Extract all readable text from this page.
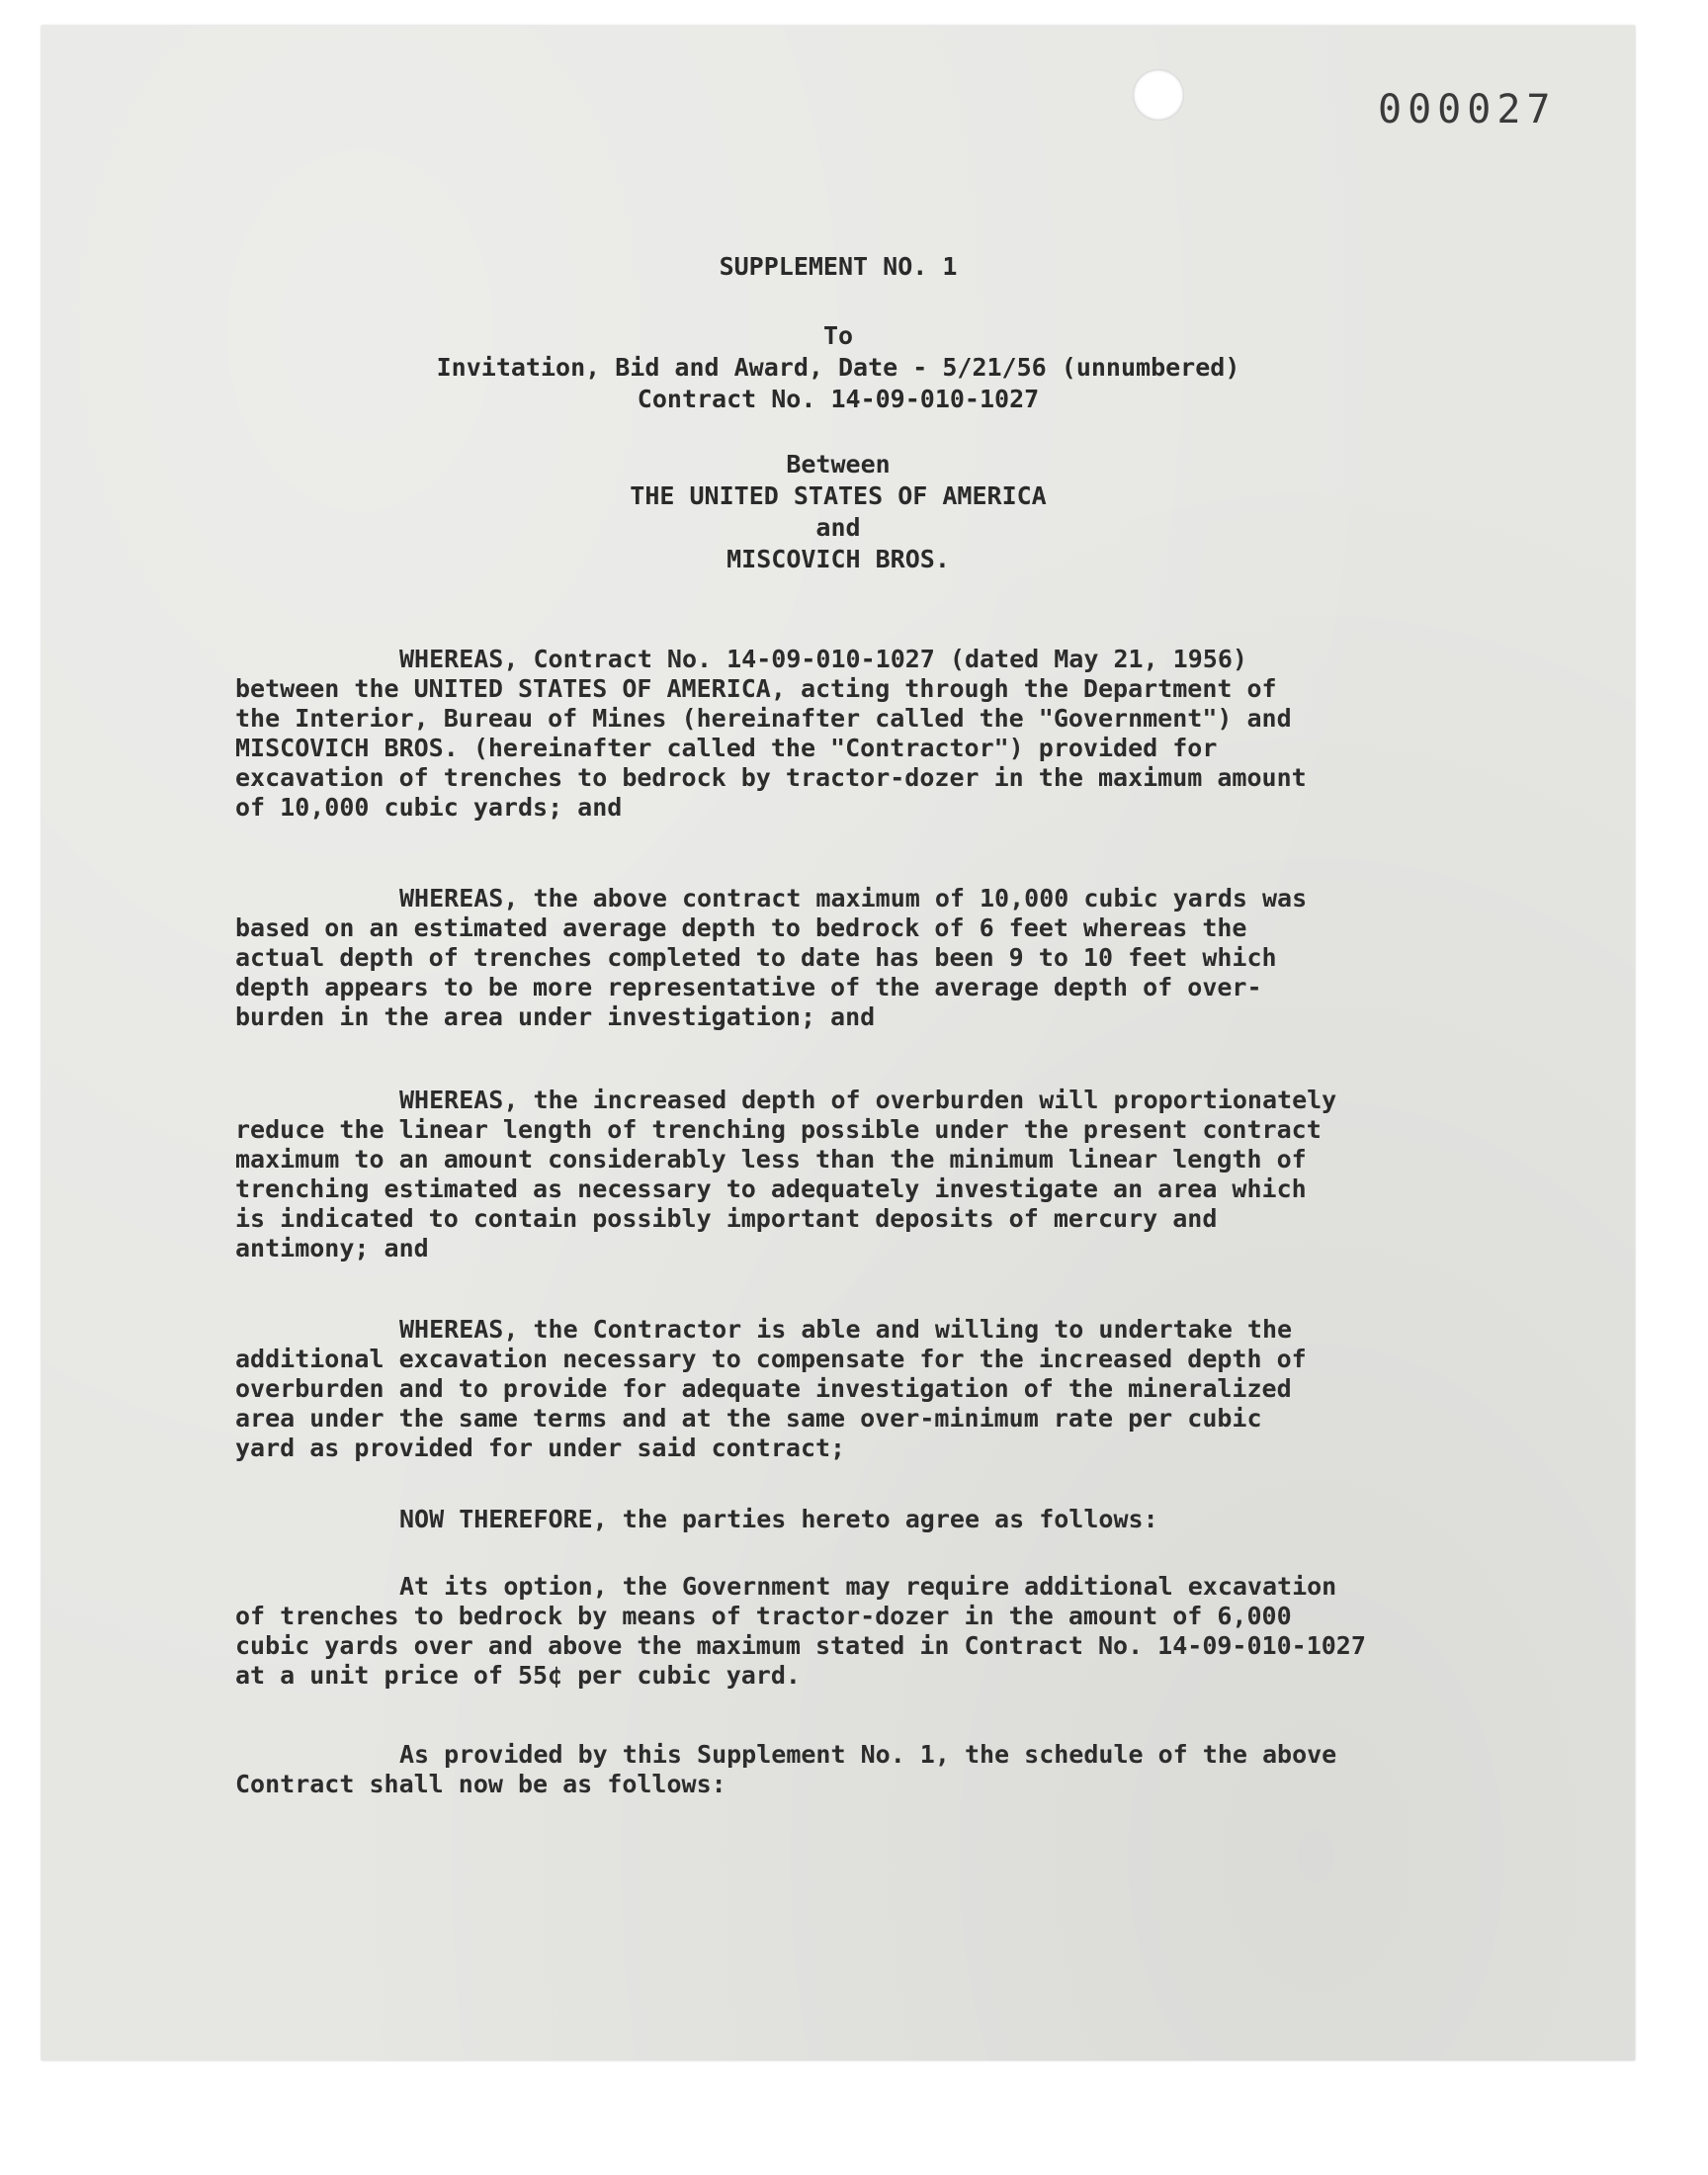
000027
SUPPLEMENT NO. 1
To
Invitation, Bid and Award, Date - 5/21/56 (unnumbered)
Contract No. 14-09-010-1027
Between
THE UNITED STATES OF AMERICA
and
MISCOVICH BROS.
WHEREAS, Contract No. 14-09-010-1027 (dated May 21, 1956)
between the UNITED STATES OF AMERICA, acting through the Department of
the Interior, Bureau of Mines (hereinafter called the "Government") and
MISCOVICH BROS. (hereinafter called the "Contractor") provided for
excavation of trenches to bedrock by tractor-dozer in the maximum amount
of 10,000 cubic yards; and
WHEREAS, the above contract maximum of 10,000 cubic yards was
based on an estimated average depth to bedrock of 6 feet whereas the
actual depth of trenches completed to date has been 9 to 10 feet which
depth appears to be more representative of the average depth of over-
burden in the area under investigation; and
WHEREAS, the increased depth of overburden will proportionately
reduce the linear length of trenching possible under the present contract
maximum to an amount considerably less than the minimum linear length of
trenching estimated as necessary to adequately investigate an area which
is indicated to contain possibly important deposits of mercury and
antimony; and
WHEREAS, the Contractor is able and willing to undertake the
additional excavation necessary to compensate for the increased depth of
overburden and to provide for adequate investigation of the mineralized
area under the same terms and at the same over-minimum rate per cubic
yard as provided for under said contract;
NOW THEREFORE, the parties hereto agree as follows:
At its option, the Government may require additional excavation
of trenches to bedrock by means of tractor-dozer in the amount of 6,000
cubic yards over and above the maximum stated in Contract No. 14-09-010-1027
at a unit price of 55¢ per cubic yard.
As provided by this Supplement No. 1, the schedule of the above
Contract shall now be as follows:
